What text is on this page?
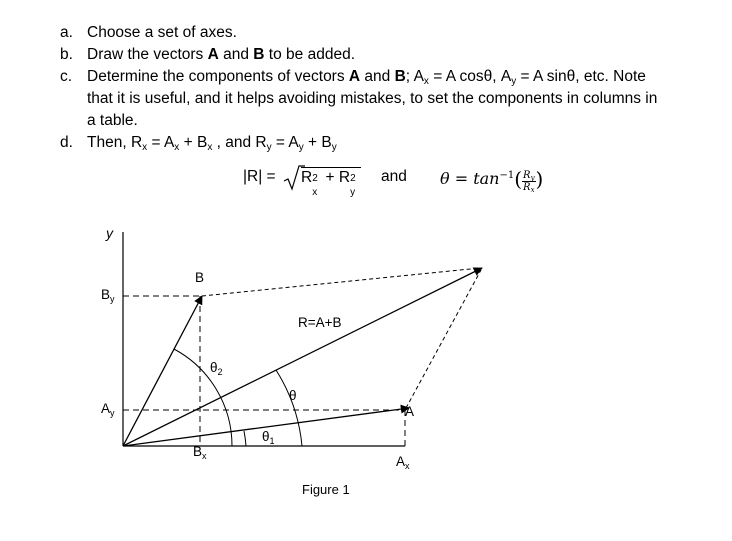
a. Choose a set of axes.
b. Draw the vectors A and B to be added.
c. Determine the components of vectors A and B; $A_x = A$ cosθ, $A_y = A$ sinθ, etc. Note
that it is useful, and it helps avoiding mistakes, to set the components in columns in
a table.
d. Then, $R_x = A_x + B_x$ , and $R_y = A_y + B_y$
|R| = R 2
x
+ R 2
y
and $\theta = \tan^{-1}( \frac{R_y}{R_x}$ )
y
$B_y$
$A_y$
B
R=A+B
$\theta_2$
θ
$\theta_1$
A
$B_x$	$A_x$
Figure 1
